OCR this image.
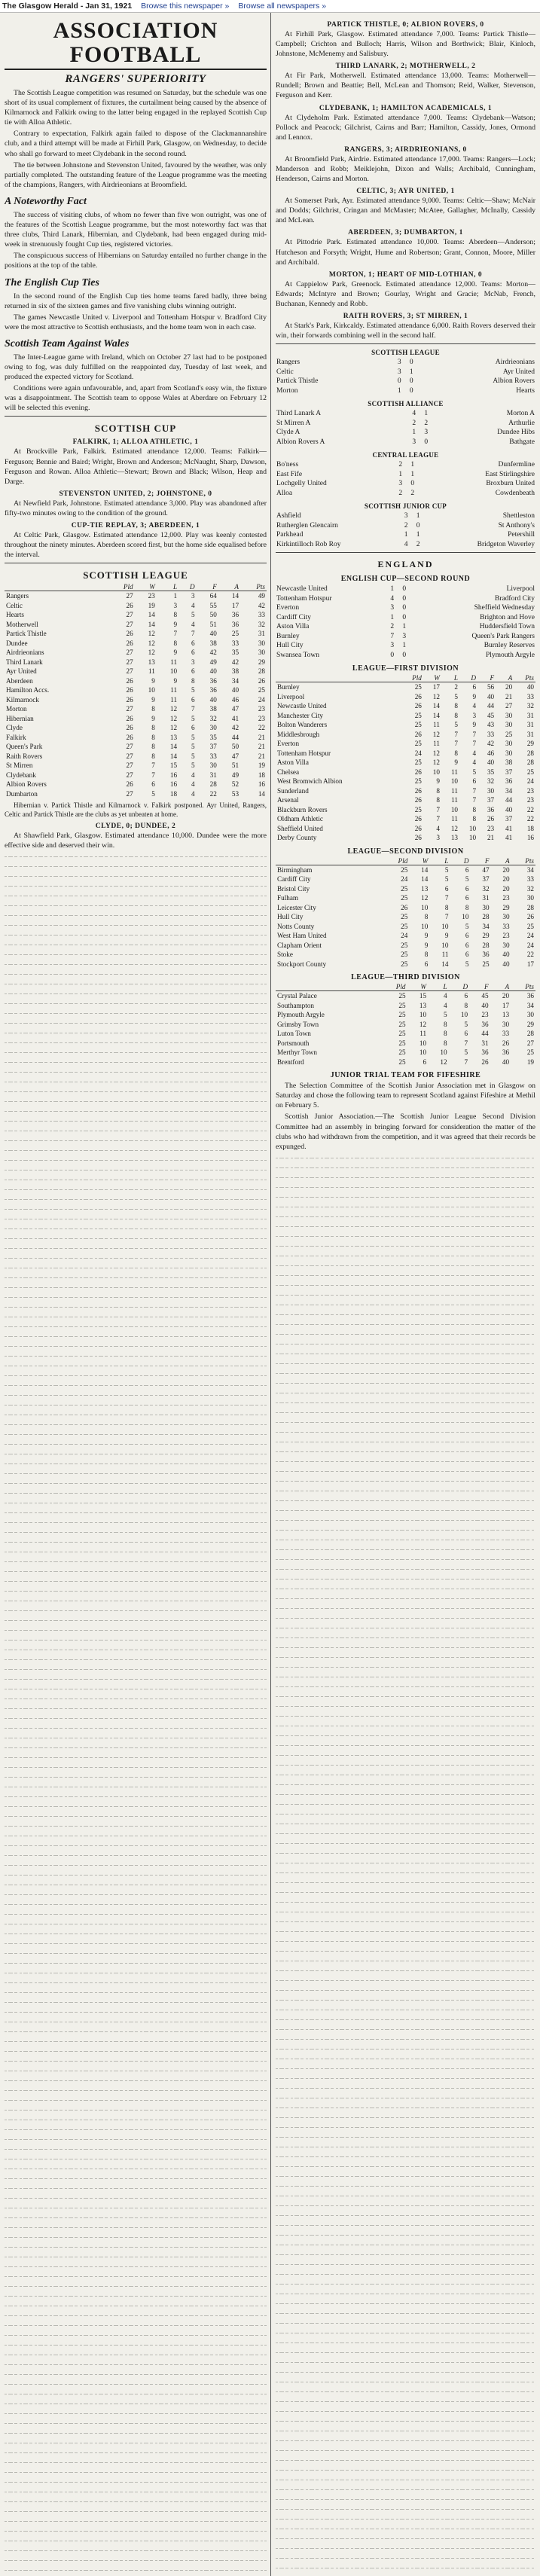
The Glasgow Herald - Jan 31, 1921 Browse this newspaper » Browse all newspapers »
ASSOCIATION FOOTBALL
RANGERS' SUPERIORITY

The Scottish League competition was resumed on Saturday, but the schedule was one short of its usual complement of fixtures, the curtailment being caused by the absence of Kilmarnock and Falkirk owing to the latter being engaged in the replayed Scottish Cup tie with Alloa Athletic.

Contrary to expectation, Falkirk again failed to dispose of the Clackmannanshire club, and a third attempt will be made at Firhill Park, Glasgow, on Wednesday, to decide who shall go forward to meet Clydebank in the second round.

The tie between Johnstone and Stevenston United, favoured by the weather, was only partially completed. The outstanding feature of the League programme was the meeting of the champions, Rangers, with Airdrieonians at Broomfield.

A Noteworthy Fact

The success of visiting clubs, of whom no fewer than five won outright, was one of the features of the Scottish League programme, but the most noteworthy fact was that three clubs, Third Lanark, Hibernian, and Clydebank, had been engaged during mid-week in strenuously fought Cup ties, registered victories.

The conspicuous success of Hibernians on Saturday entailed no further change in the positions at the top of the table.

The English Cup Ties

In the second round of the English Cup ties home teams fared badly, three being returned in six of the sixteen games and five vanishing clubs winning outright.

The games Newcastle United v. Liverpool and Tottenham Hotspur v. Bradford City were the most attractive to Scottish enthusiasts, and the home team won in each case.

Scottish Team Against Wales

The Inter-League game with Ireland, which on October 27 last had to be postponed owing to fog, was duly fulfilled on the reappointed day, Tuesday of last week, and produced the expected victory for Scotland.

Conditions were again unfavourable, and, apart from Scotland's easy win, the fixture was a disappointment. The Scottish team to oppose Wales at Aberdare on February 12 will be selected this evening.

SCOTTISH CUP
FALKIRK, 1; ALLOA ATHLETIC, 1

At Brockville Park, Falkirk. Estimated attendance 12,000. Teams: Falkirk—Ferguson; Bennie and Baird; Wright, Brown and Anderson; McNaught, Sharp, Dawson, Ferguson and Rowan. Alloa Athletic—Stewart; Brown and Black; Wilson, Heap and Darge.

STEVENSTON UNITED, 2; JOHNSTONE, 0

At Newfield Park, Johnstone. Estimated attendance 3,000. Play was abandoned after fifty-two minutes owing to the condition of the ground.

CUP-TIE REPLAY, 3; ABERDEEN, 1

At Celtic Park, Glasgow. Estimated attendance 12,000. Play was keenly contested throughout the ninety minutes. Aberdeen scored first, but the home side equalised before the interval.

SCOTTISH LEAGUE
	Pld	W	L	D	F	A	Pts
Rangers	27	23	1	3	64	14	49
Celtic	26	19	3	4	55	17	42
Hearts	27	14	8	5	50	36	33
Motherwell	27	14	9	4	51	36	32
Partick Thistle	26	12	7	7	40	25	31
Dundee	26	12	8	6	38	33	30
Airdrieonians	27	12	9	6	42	35	30
Third Lanark	27	13	11	3	49	42	29
Ayr United	27	11	10	6	40	38	28
Aberdeen	26	9	9	8	36	34	26
Hamilton Accs.	26	10	11	5	36	40	25
Kilmarnock	26	9	11	6	40	46	24
Morton	27	8	12	7	38	47	23
Hibernian	26	9	12	5	32	41	23
Clyde	26	8	12	6	30	42	22
Falkirk	26	8	13	5	35	44	21
Queen's Park	27	8	14	5	37	50	21
Raith Rovers	27	8	14	5	33	47	21
St Mirren	27	7	15	5	30	51	19
Clydebank	27	7	16	4	31	49	18
Albion Rovers	26	6	16	4	28	52	16
Dumbarton	27	5	18	4	22	53	14

Hibernian v. Partick Thistle and Kilmarnock v. Falkirk postponed. Ayr United, Rangers, Celtic and Partick Thistle are the clubs as yet unbeaten at home.

CLYDE, 0; DUNDEE, 2

At Shawfield Park, Glasgow. Estimated attendance 10,000. Dundee were the more effective side and deserved their win.

PARTICK THISTLE, 0; ALBION ROVERS, 0

At Firhill Park, Glasgow. Estimated attendance 7,000. Teams: Partick Thistle—Campbell; Crichton and Bulloch; Harris, Wilson and Borthwick; Blair, Kinloch, Johnstone, McMenemy and Salisbury.

THIRD LANARK, 2; MOTHERWELL, 2

At Fir Park, Motherwell. Estimated attendance 13,000. Teams: Motherwell—Rundell; Brown and Beattie; Bell, McLean and Thomson; Reid, Walker, Stevenson, Ferguson and Kerr.

CLYDEBANK, 1; HAMILTON ACADEMICALS, 1

At Clydeholm Park. Estimated attendance 7,000. Teams: Clydebank—Watson; Pollock and Peacock; Gilchrist, Cairns and Barr; Hamilton, Cassidy, Jones, Ormond and Lennox.

RANGERS, 3; AIRDRIEONIANS, 0

At Broomfield Park, Airdrie. Estimated attendance 17,000. Teams: Rangers—Lock; Manderson and Robb; Meiklejohn, Dixon and Walls; Archibald, Cunningham, Henderson, Cairns and Morton.

CELTIC, 3; AYR UNITED, 1

At Somerset Park, Ayr. Estimated attendance 9,000. Teams: Celtic—Shaw; McNair and Dodds; Gilchrist, Cringan and McMaster; McAtee, Gallagher, McInally, Cassidy and McLean.

ABERDEEN, 3; DUMBARTON, 1

At Pittodrie Park. Estimated attendance 10,000. Teams: Aberdeen—Anderson; Hutcheson and Forsyth; Wright, Hume and Robertson; Grant, Connon, Moore, Miller and Archibald.

MORTON, 1; HEART OF MID-LOTHIAN, 0

At Cappielow Park, Greenock. Estimated attendance 12,000. Teams: Morton—Edwards; McIntyre and Brown; Gourlay, Wright and Gracie; McNab, French, Buchanan, Kennedy and Robb.

RAITH ROVERS, 3; ST MIRREN, 1

At Stark's Park, Kirkcaldy. Estimated attendance 6,000. Raith Rovers deserved their win, their forwards combining well in the second half.

SCOTTISH LEAGUE
Rangers	3	0	Airdrieonians
Celtic	3	1	Ayr United
Partick Thistle	0	0	Albion Rovers
Morton	1	0	Hearts
SCOTTISH ALLIANCE
Third Lanark A	4	1	Morton A
St Mirren A	2	2	Arthurlie
Clyde A	1	3	Dundee Hibs
Albion Rovers A	3	0	Bathgate
CENTRAL LEAGUE
Bo'ness	2	1	Dunfermline
East Fife	1	1	East Stirlingshire
Lochgelly United	3	0	Broxburn United
Alloa	2	2	Cowdenbeath
SCOTTISH JUNIOR CUP
Ashfield	3	1	Shettleston
Rutherglen Glencairn	2	0	St Anthony's
Parkhead	1	1	Petershill
Kirkintilloch Rob Roy	4	2	Bridgeton Waverley
ENGLAND
ENGLISH CUP—SECOND ROUND
Newcastle United	1	0	Liverpool
Tottenham Hotspur	4	0	Bradford City
Everton	3	0	Sheffield Wednesday
Cardiff City	1	0	Brighton and Hove
Aston Villa	2	1	Huddersfield Town
Burnley	7	3	Queen's Park Rangers
Hull City	3	1	Burnley Reserves
Swansea Town	0	0	Plymouth Argyle
LEAGUE—FIRST DIVISION
	Pld	W	L	D	F	A	Pts
Burnley	25	17	2	6	56	20	40
Liverpool	26	12	5	9	40	21	33
Newcastle United	26	14	8	4	44	27	32
Manchester City	25	14	8	3	45	30	31
Bolton Wanderers	25	11	5	9	43	30	31
Middlesbrough	26	12	7	7	33	25	31
Everton	25	11	7	7	42	30	29
Tottenham Hotspur	24	12	8	4	46	30	28
Aston Villa	25	12	9	4	40	38	28
Chelsea	26	10	11	5	35	37	25
West Bromwich Albion	25	9	10	6	32	36	24
Sunderland	26	8	11	7	30	34	23
Arsenal	26	8	11	7	37	44	23
Blackburn Rovers	25	7	10	8	36	40	22
Oldham Athletic	26	7	11	8	26	37	22
Sheffield United	26	4	12	10	23	41	18
Derby County	26	3	13	10	21	41	16
LEAGUE—SECOND DIVISION
	Pld	W	L	D	F	A	Pts
Birmingham	25	14	5	6	47	20	34
Cardiff City	24	14	5	5	37	20	33
Bristol City	25	13	6	6	32	20	32
Fulham	25	12	7	6	31	23	30
Leicester City	26	10	8	8	30	29	28
Hull City	25	8	7	10	28	30	26
Notts County	25	10	10	5	34	33	25
West Ham United	24	9	9	6	29	23	24
Clapham Orient	25	9	10	6	28	30	24
Stoke	25	8	11	6	36	40	22
Stockport County	25	6	14	5	25	40	17
LEAGUE—THIRD DIVISION
	Pld	W	L	D	F	A	Pts
Crystal Palace	25	15	4	6	45	20	36
Southampton	25	13	4	8	40	17	34
Plymouth Argyle	25	10	5	10	23	13	30
Grimsby Town	25	12	8	5	36	30	29
Luton Town	25	11	8	6	44	33	28
Portsmouth	25	10	8	7	31	26	27
Merthyr Town	25	10	10	5	36	36	25
Brentford	25	6	12	7	26	40	19
JUNIOR TRIAL TEAM FOR FIFESHIRE

The Selection Committee of the Scottish Junior Association met in Glasgow on Saturday and chose the following team to represent Scotland against Fifeshire at Methil on February 5.

Scottish Junior Association.—The Scottish Junior League Second Division Committee had an assembly in bringing forward for consideration the matter of the clubs who had withdrawn from the competition, and it was agreed that their records be expunged.
